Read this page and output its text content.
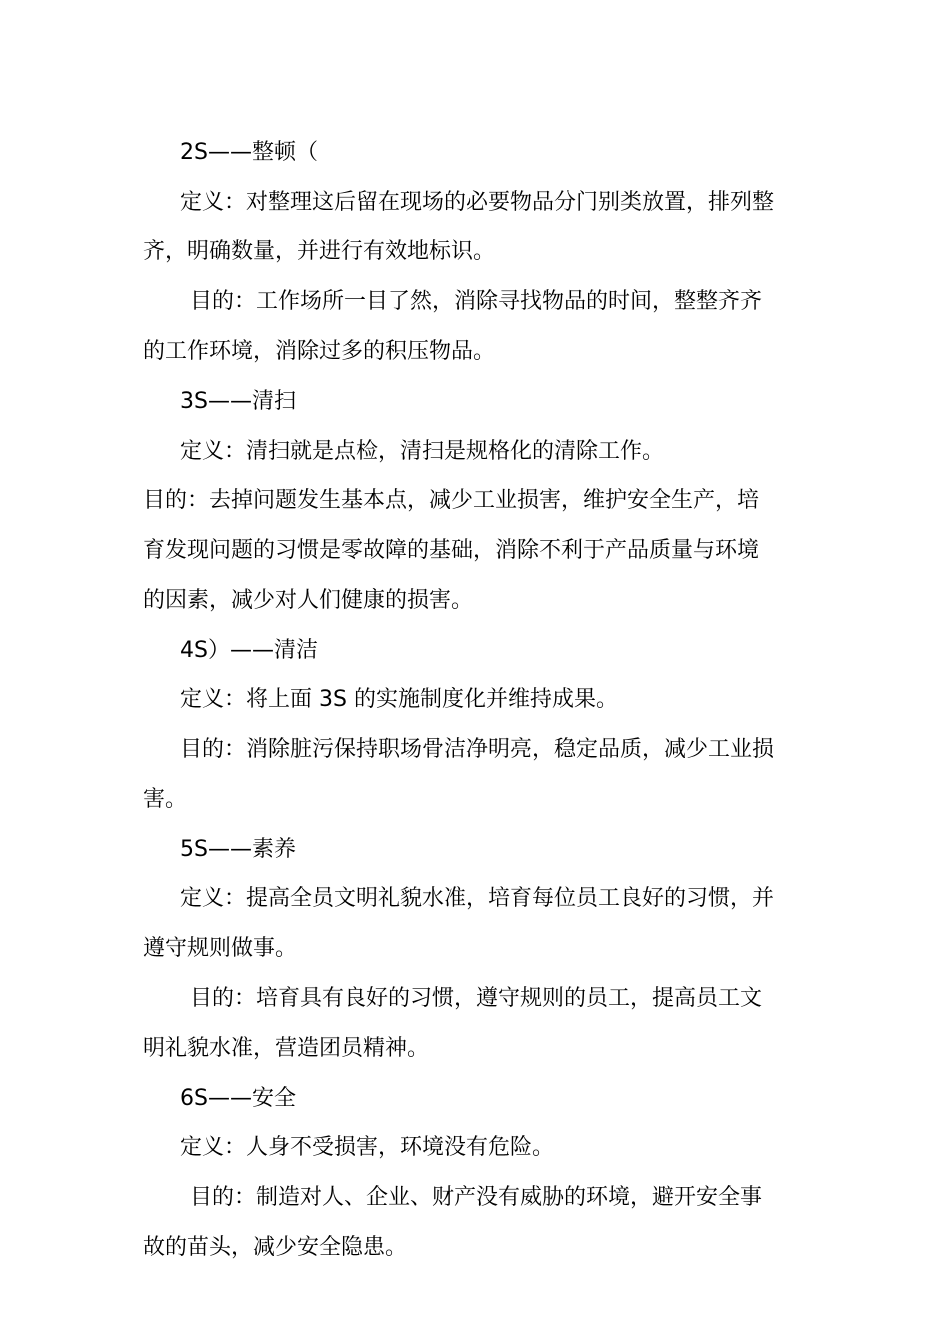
2S——整顿（
定义：对整理这后留在现场的必要物品分门别类放置，排列整
齐，明确数量，并进行有效地标识。
目的：工作场所一目了然，消除寻找物品的时间，整整齐齐
的工作环境，消除过多的积压物品。
3S——清扫
定义：清扫就是点检，清扫是规格化的清除工作。
目的：去掉问题发生基本点，减少工业损害，维护安全生产，培
育发现问题的习惯是零故障的基础，消除不利于产品质量与环境
的因素，减少对人们健康的损害。
4S）——清洁
定义：将上面 3S 的实施制度化并维持成果。
目的：消除脏污保持职场骨洁净明亮，稳定品质，减少工业损
害。
5S——素养
定义：提高全员文明礼貌水准，培育每位员工良好的习惯，并
遵守规则做事。
目的：培育具有良好的习惯，遵守规则的员工，提高员工文
明礼貌水准，营造团员精神。
6S——安全
定义：人身不受损害，环境没有危险。
目的：制造对人、企业、财产没有威胁的环境，避开安全事
故的苗头，减少安全隐患。
